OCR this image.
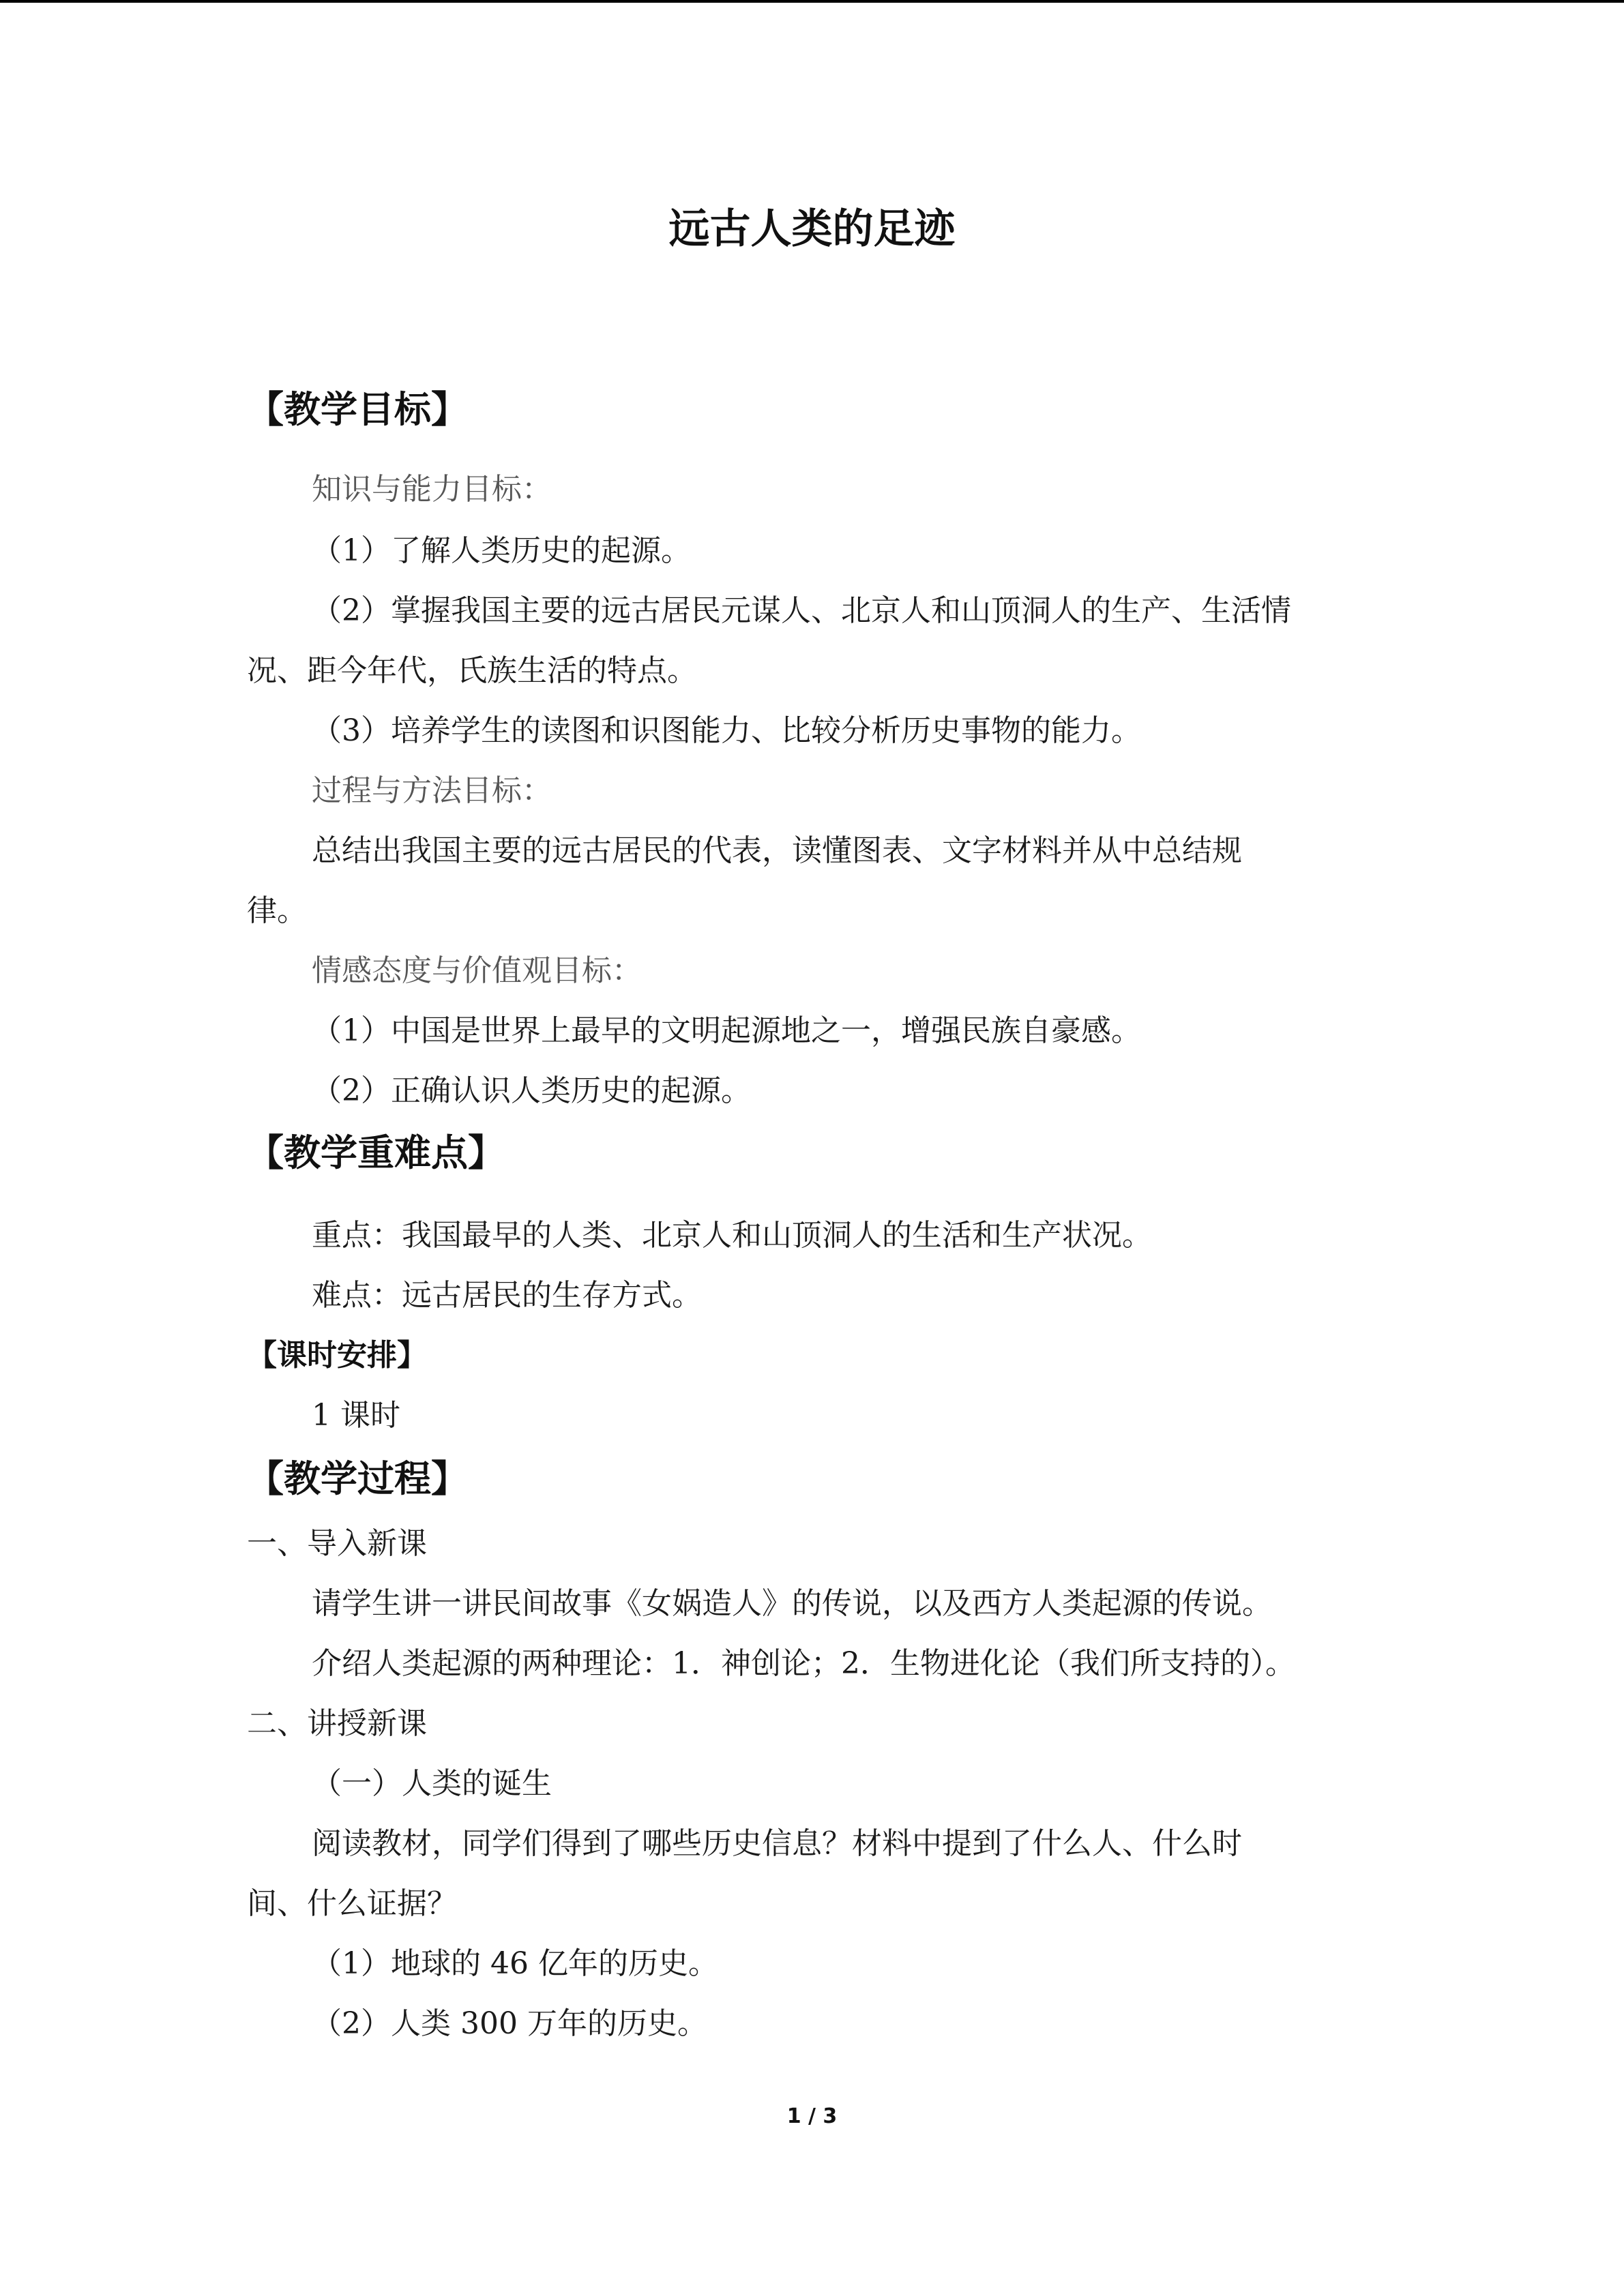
远古人类的足迹
【教学目标】
知识与能力目标：
（1）了解人类历史的起源。
（2）掌握我国主要的远古居民元谋人、北京人和山顶洞人的生产、生活情
况、距今年代，氏族生活的特点。
（3）培养学生的读图和识图能力、比较分析历史事物的能力。
过程与方法目标：
总结出我国主要的远古居民的代表，读懂图表、文字材料并从中总结规
律。
情感态度与价值观目标：
（1）中国是世界上最早的文明起源地之一，增强民族自豪感。
（2）正确认识人类历史的起源。
【教学重难点】
重点：我国最早的人类、北京人和山顶洞人的生活和生产状况。
难点：远古居民的生存方式。
【课时安排】
1 课时
【教学过程】
一、导入新课
请学生讲一讲民间故事《女娲造人》的传说，以及西方人类起源的传说。
介绍人类起源的两种理论：1．神创论；2．生物进化论（我们所支持的）。
二、讲授新课
（一）人类的诞生
阅读教材，同学们得到了哪些历史信息？材料中提到了什么人、什么时
间、什么证据？
（1）地球的 46 亿年的历史。
（2）人类 300 万年的历史。
1 / 3
